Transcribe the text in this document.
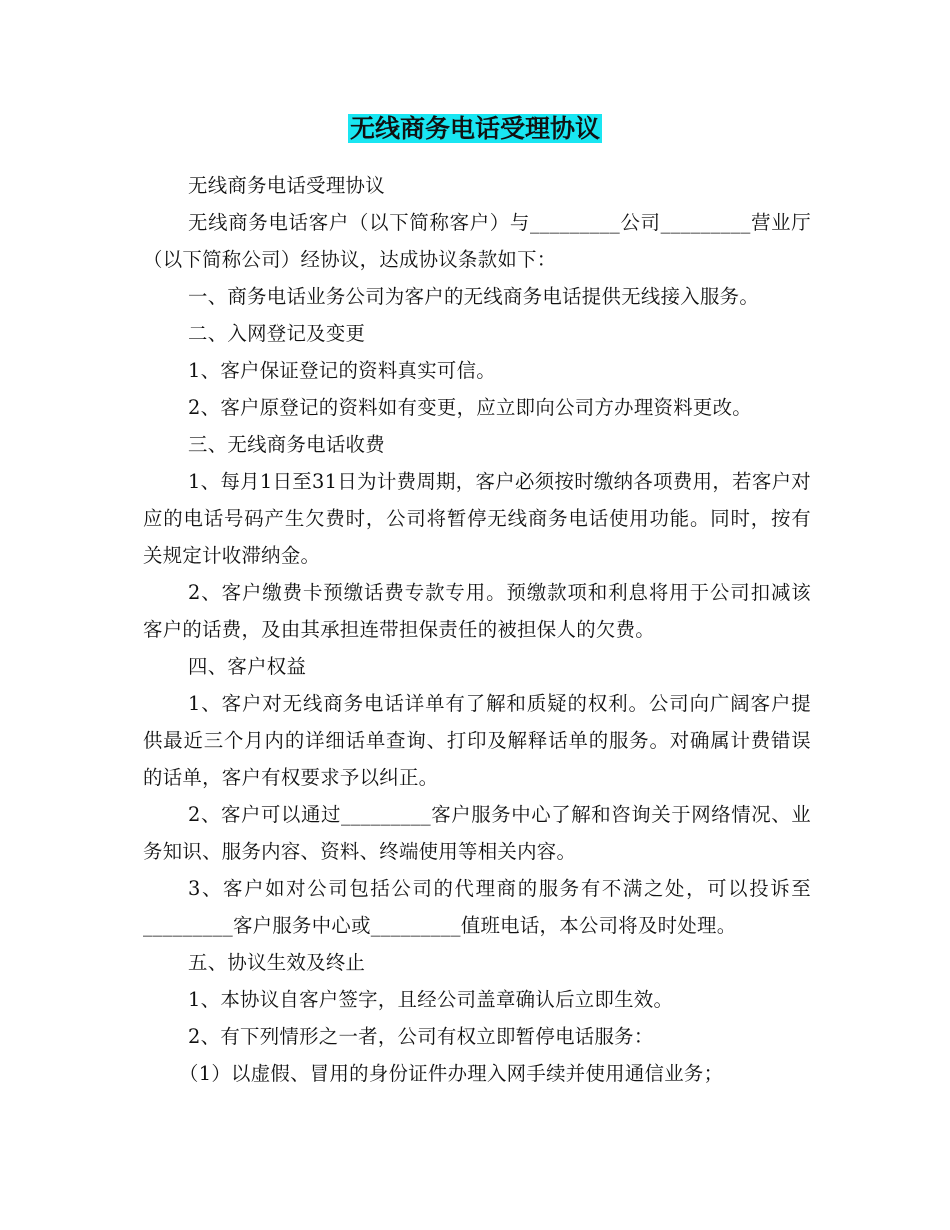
无线商务电话受理协议

无线商务电话受理协议

无线商务电话客户（以下简称客户）与_________公司_________营业厅（以下简称公司）经协议，达成协议条款如下：

一、商务电话业务公司为客户的无线商务电话提供无线接入服务。

二、入网登记及变更

1、客户保证登记的资料真实可信。

2、客户原登记的资料如有变更，应立即向公司方办理资料更改。

三、无线商务电话收费

1、每月1日至31日为计费周期，客户必须按时缴纳各项费用，若客户对应的电话号码产生欠费时，公司将暂停无线商务电话使用功能。同时，按有关规定计收滞纳金。

2、客户缴费卡预缴话费专款专用。预缴款项和利息将用于公司扣减该客户的话费，及由其承担连带担保责任的被担保人的欠费。

四、客户权益

1、客户对无线商务电话详单有了解和质疑的权利。公司向广阔客户提供最近三个月内的详细话单查询、打印及解释话单的服务。对确属计费错误的话单，客户有权要求予以纠正。

2、客户可以通过_________客户服务中心了解和咨询关于网络情况、业务知识、服务内容、资料、终端使用等相关内容。

3、客户如对公司包括公司的代理商的服务有不满之处，可以投诉至_________客户服务中心或_________值班电话，本公司将及时处理。

五、协议生效及终止

1、本协议自客户签字，且经公司盖章确认后立即生效。

2、有下列情形之一者，公司有权立即暂停电话服务：

（1）以虚假、冒用的身份证件办理入网手续并使用通信业务；
